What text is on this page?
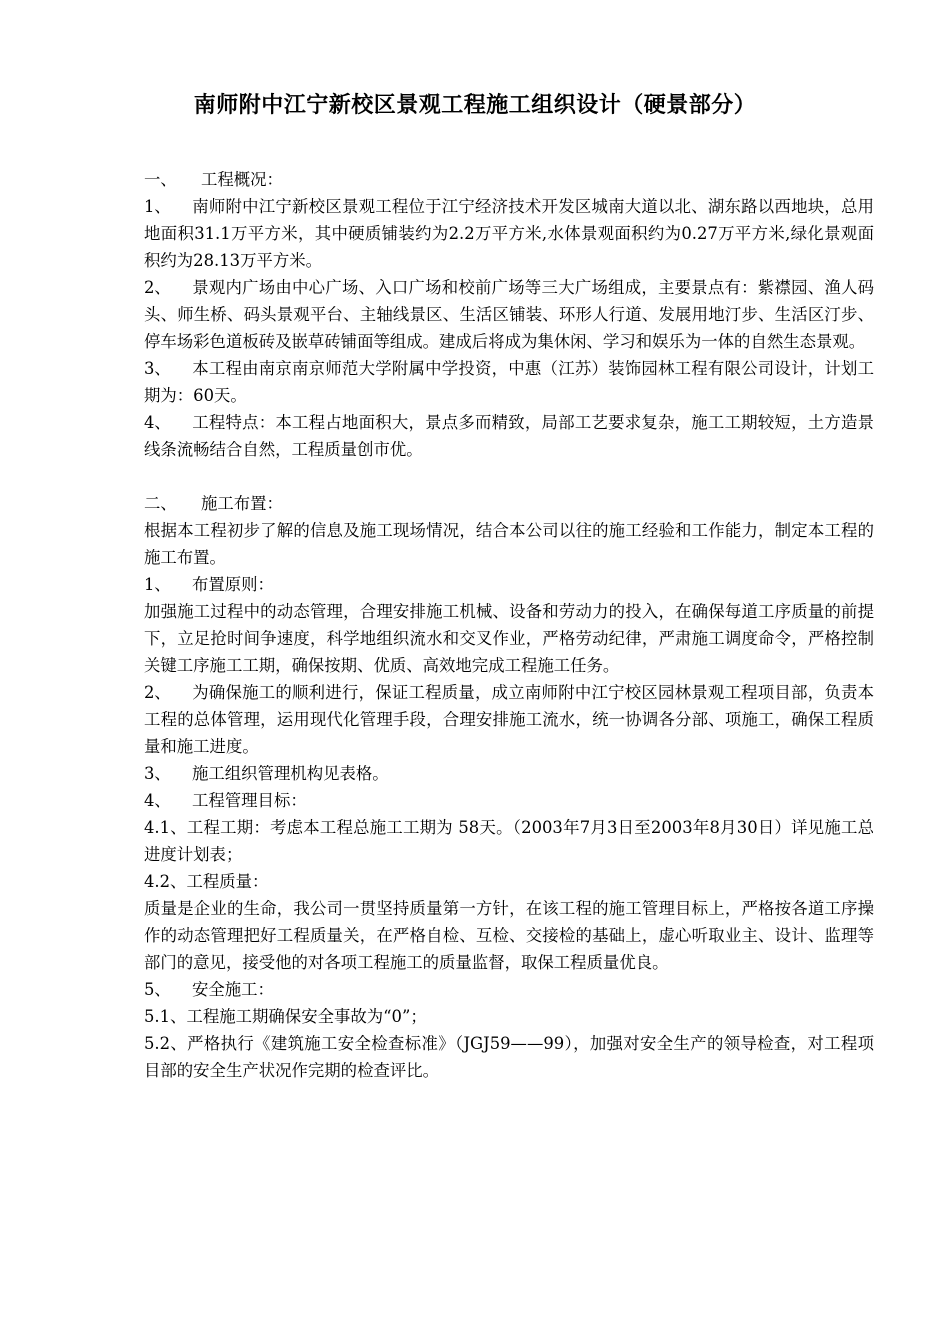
南师附中江宁新校区景观工程施工组织设计（硬景部分）

一、 工程概况：

1、 南师附中江宁新校区景观工程位于江宁经济技术开发区城南大道以北、湖东路以西地块，总用地面积31.1万平方米，其中硬质铺装约为2.2万平方米,水体景观面积约为0.27万平方米,绿化景观面积约为28.13万平方米。

2、 景观内广场由中心广场、入口广场和校前广场等三大广场组成，主要景点有：紫襟园、渔人码头、师生桥、码头景观平台、主轴线景区、生活区铺装、环形人行道、发展用地汀步、生活区汀步、停车场彩色道板砖及嵌草砖铺面等组成。建成后将成为集休闲、学习和娱乐为一体的自然生态景观。

3、 本工程由南京南京师范大学附属中学投资，中惠（江苏）装饰园林工程有限公司设计，计划工期为：60天。

4、 工程特点：本工程占地面积大，景点多而精致，局部工艺要求复杂，施工工期较短，土方造景线条流畅结合自然，工程质量创市优。

二、 施工布置：

根据本工程初步了解的信息及施工现场情况，结合本公司以往的施工经验和工作能力，制定本工程的施工布置。

1、 布置原则：

加强施工过程中的动态管理，合理安排施工机械、设备和劳动力的投入，在确保每道工序质量的前提下，立足抢时间争速度，科学地组织流水和交叉作业，严格劳动纪律，严肃施工调度命令，严格控制关键工序施工工期，确保按期、优质、高效地完成工程施工任务。

2、 为确保施工的顺利进行，保证工程质量，成立南师附中江宁校区园林景观工程项目部，负责本工程的总体管理，运用现代化管理手段，合理安排施工流水，统一协调各分部、项施工，确保工程质量和施工进度。

3、 施工组织管理机构见表格。

4、 工程管理目标：

4.1、工程工期：考虑本工程总施工工期为 58天。（2003年7月3日至2003年8月30日）详见施工总进度计划表；

4.2、工程质量：

质量是企业的生命，我公司一贯坚持质量第一方针，在该工程的施工管理目标上，严格按各道工序操作的动态管理把好工程质量关，在严格自检、互检、交接检的基础上，虚心听取业主、设计、监理等部门的意见，接受他的对各项工程施工的质量监督，取保工程质量优良。

5、 安全施工：

5.1、工程施工期确保安全事故为“0”；

5.2、严格执行《建筑施工安全检查标准》（JGJ59——99），加强对安全生产的领导检查，对工程项目部的安全生产状况作完期的检查评比。
